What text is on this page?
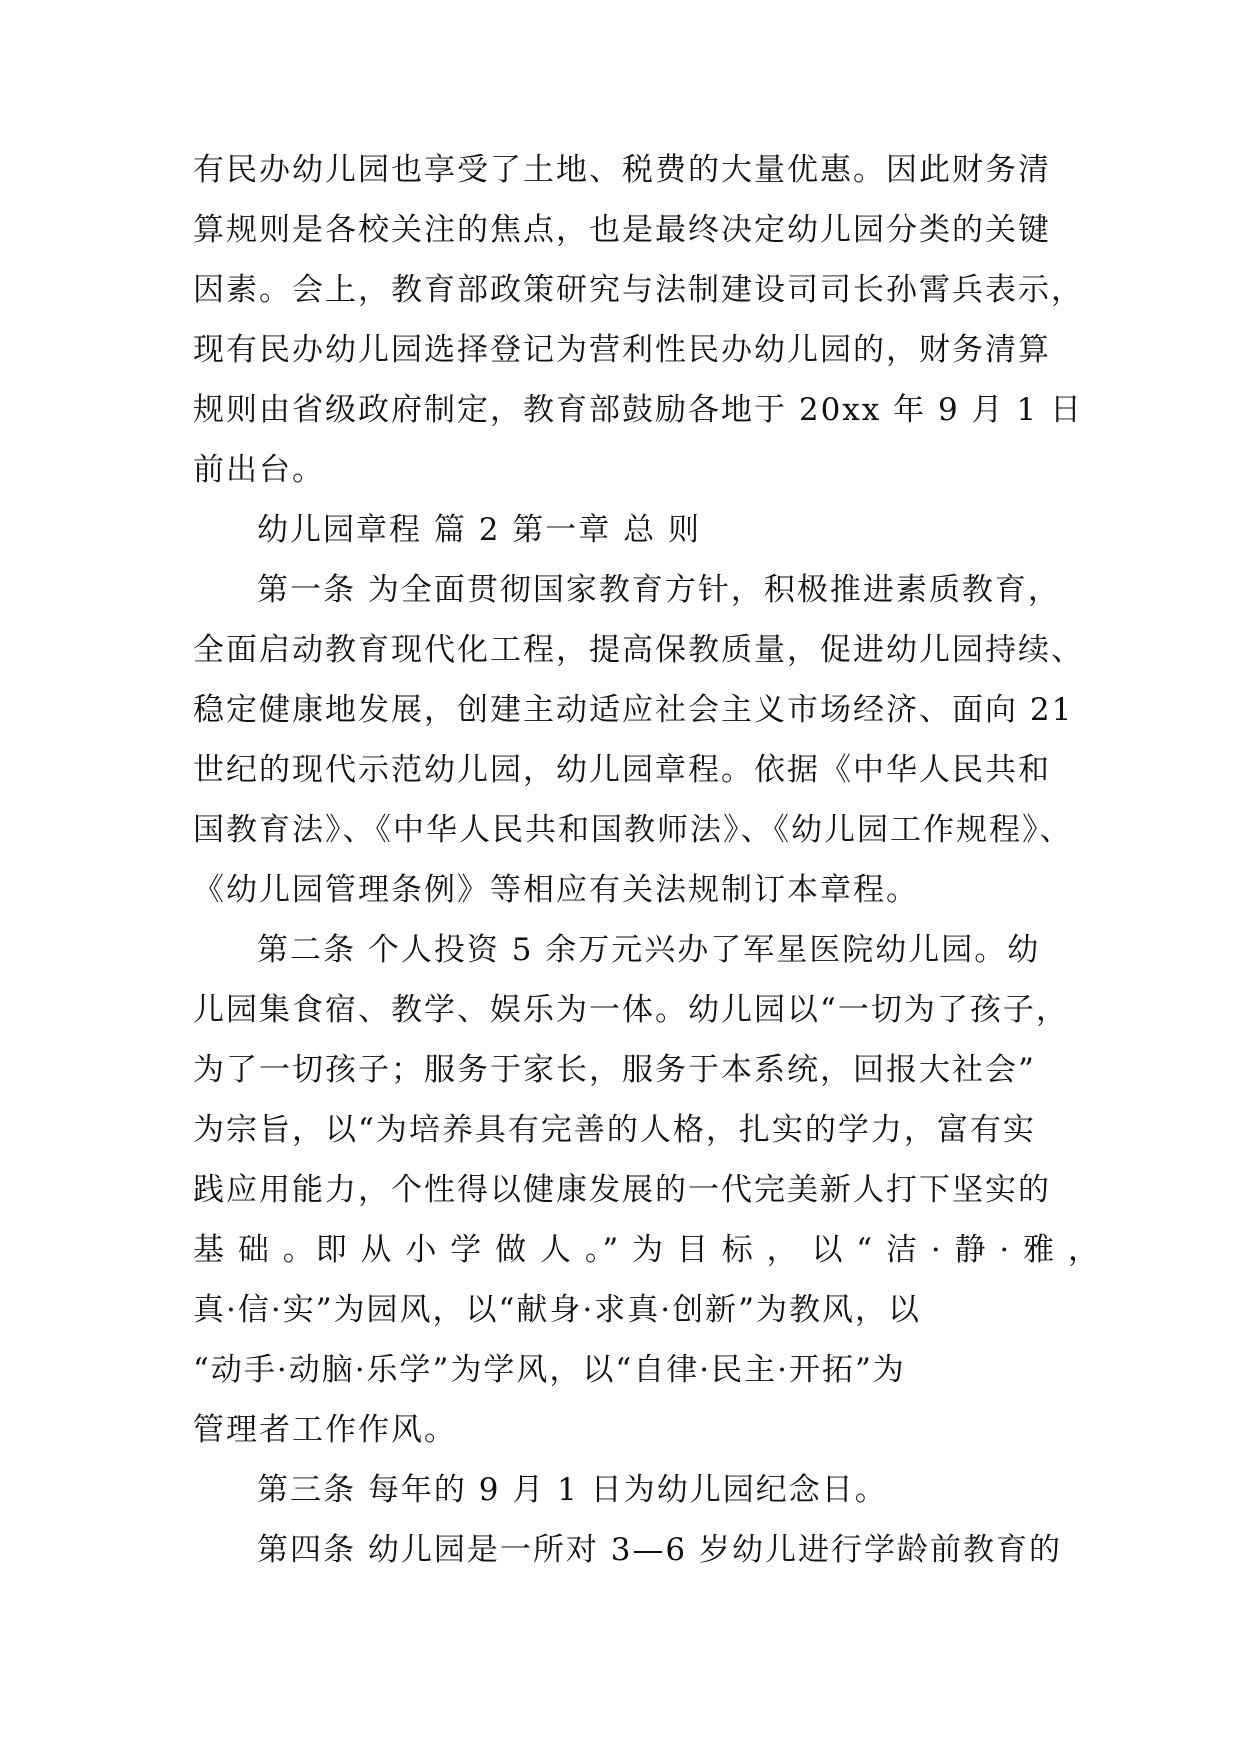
有民办幼儿园也享受了土地、税费的大量优惠。因此财务清
算规则是各校关注的焦点，也是最终决定幼儿园分类的关键
因素。会上，教育部政策研究与法制建设司司长孙霄兵表示，
现有民办幼儿园选择登记为营利性民办幼儿园的，财务清算
规则由省级政府制定，教育部鼓励各地于 20xx 年 9 月 1 日
前出台。
幼儿园章程 篇 2 第一章 总 则
第一条 为全面贯彻国家教育方针，积极推进素质教育，
全面启动教育现代化工程，提高保教质量，促进幼儿园持续、
稳定健康地发展，创建主动适应社会主义市场经济、面向 21
世纪的现代示范幼儿园，幼儿园章程。依据《中华人民共和
国教育法》、《中华人民共和国教师法》、《幼儿园工作规程》、
《幼儿园管理条例》等相应有关法规制订本章程。
第二条 个人投资 5 余万元兴办了军星医院幼儿园。幼
儿园集食宿、教学、娱乐为一体。幼儿园以“一切为了孩子，
为了一切孩子；服务于家长，服务于本系统，回报大社会”
为宗旨，以“为培养具有完善的人格，扎实的学力，富有实
践应用能力，个性得以健康发展的一代完美新人打下坚实的
基 础 。即 从 小 学 做 人 。” 为 目 标 ， 以 “ 洁 · 静 · 雅 ，
真·信·实”为园风，以“献身·求真·创新”为教风，以
“动手·动脑·乐学”为学风，以“自律·民主·开拓”为
管理者工作作风。
第三条 每年的 9 月 1 日为幼儿园纪念日。
第四条 幼儿园是一所对 3—6 岁幼儿进行学龄前教育的
